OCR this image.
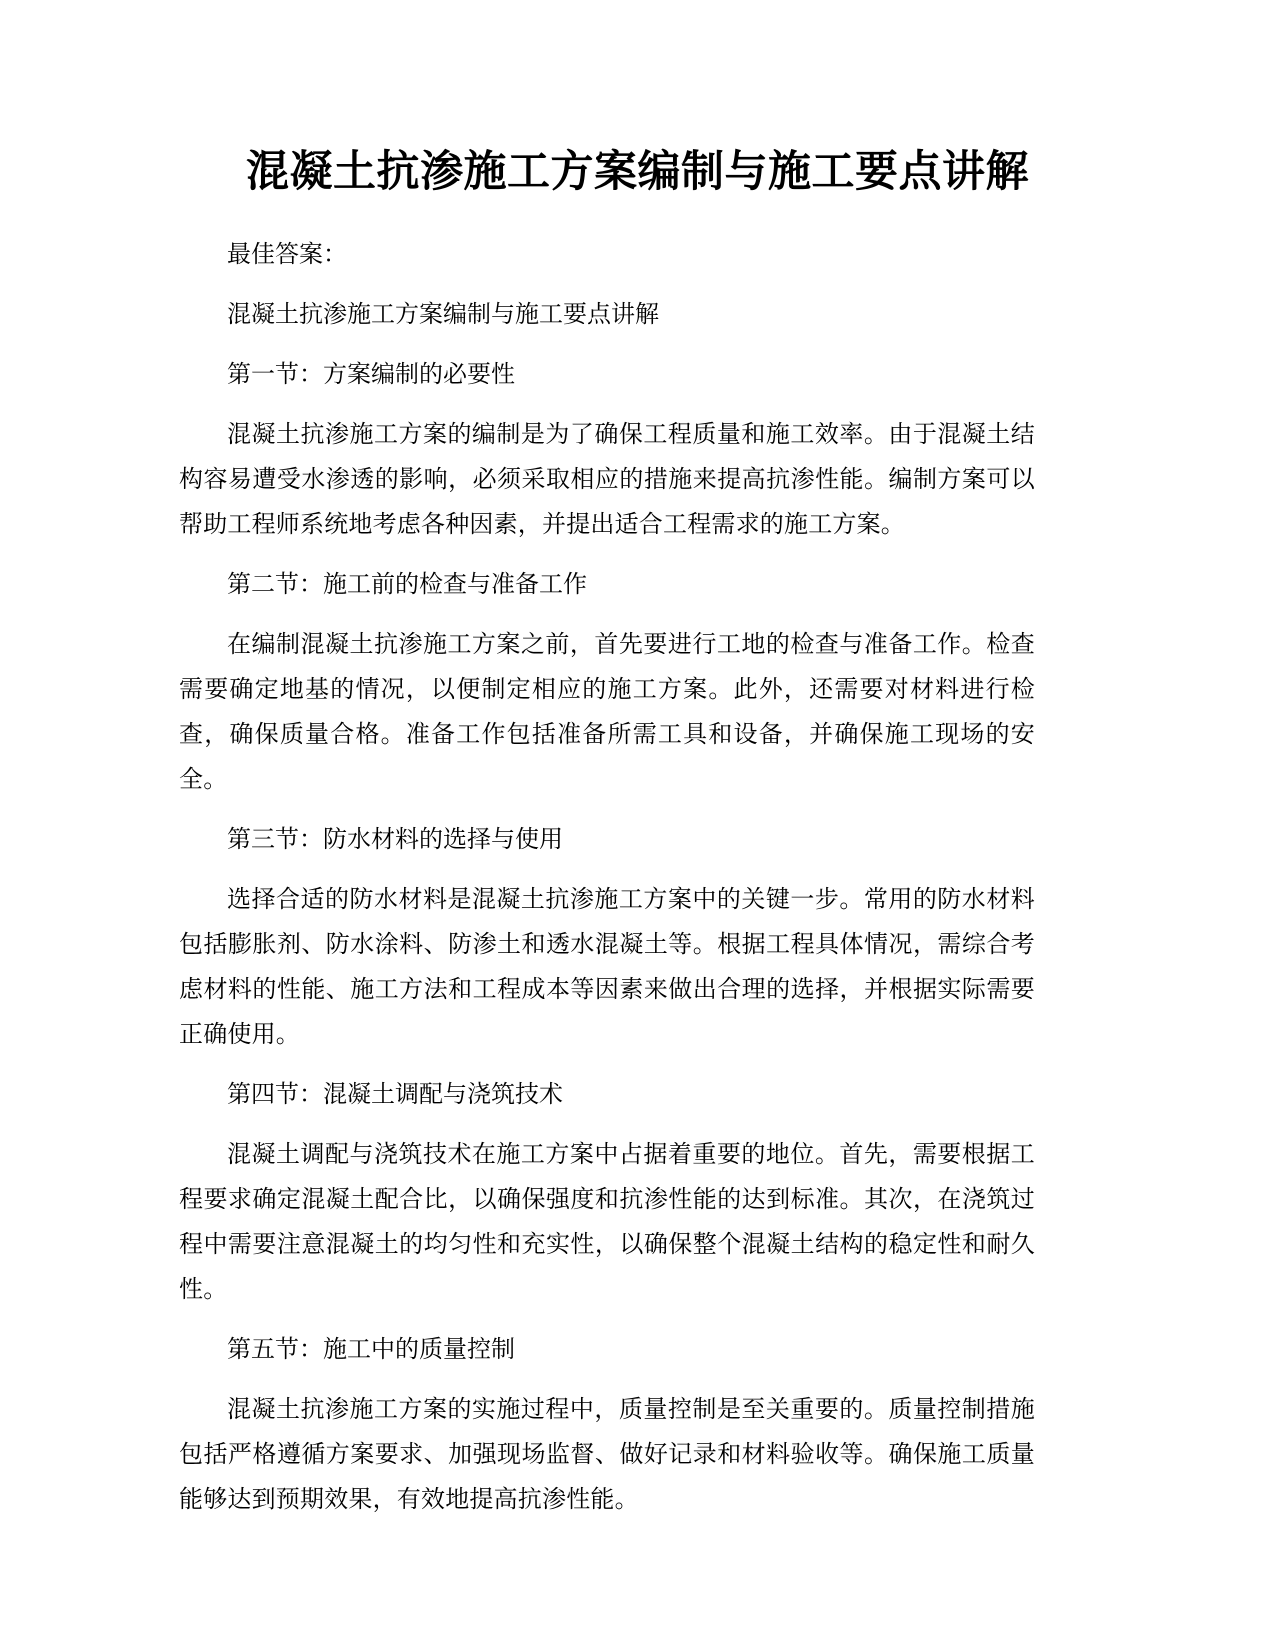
混凝土抗渗施工方案编制与施工要点讲解

最佳答案：

混凝土抗渗施工方案编制与施工要点讲解

第一节：方案编制的必要性

混凝土抗渗施工方案的编制是为了确保工程质量和施工效率。由于混凝土结构容易遭受水渗透的影响，必须采取相应的措施来提高抗渗性能。编制方案可以帮助工程师系统地考虑各种因素，并提出适合工程需求的施工方案。

第二节：施工前的检查与准备工作

在编制混凝土抗渗施工方案之前，首先要进行工地的检查与准备工作。检查需要确定地基的情况，以便制定相应的施工方案。此外，还需要对材料进行检查，确保质量合格。准备工作包括准备所需工具和设备，并确保施工现场的安全。

第三节：防水材料的选择与使用

选择合适的防水材料是混凝土抗渗施工方案中的关键一步。常用的防水材料包括膨胀剂、防水涂料、防渗土和透水混凝土等。根据工程具体情况，需综合考虑材料的性能、施工方法和工程成本等因素来做出合理的选择，并根据实际需要正确使用。

第四节：混凝土调配与浇筑技术

混凝土调配与浇筑技术在施工方案中占据着重要的地位。首先，需要根据工程要求确定混凝土配合比，以确保强度和抗渗性能的达到标准。其次，在浇筑过程中需要注意混凝土的均匀性和充实性，以确保整个混凝土结构的稳定性和耐久性。

第五节：施工中的质量控制

混凝土抗渗施工方案的实施过程中，质量控制是至关重要的。质量控制措施包括严格遵循方案要求、加强现场监督、做好记录和材料验收等。确保施工质量能够达到预期效果，有效地提高抗渗性能。
